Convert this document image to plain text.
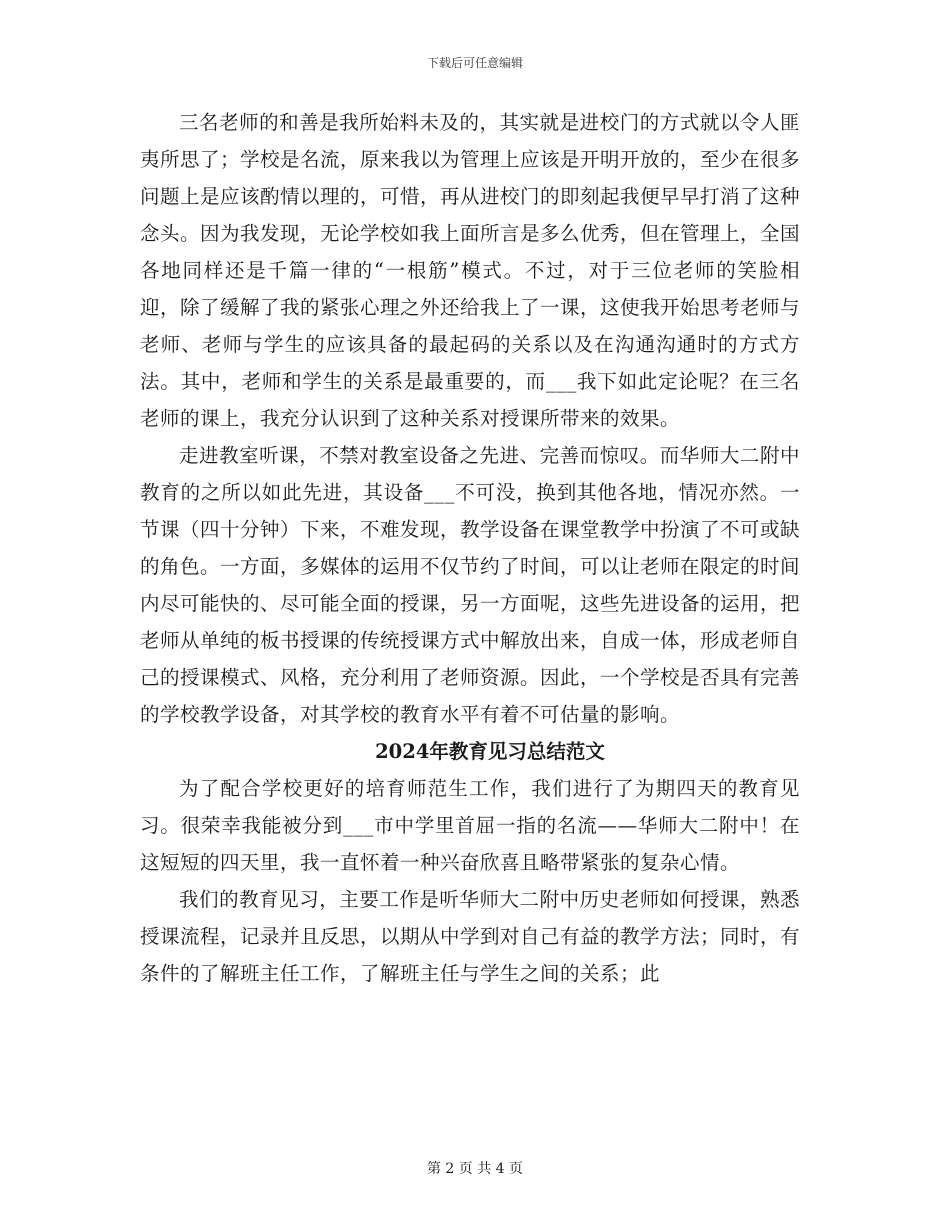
下载后可任意编辑

三名老师的和善是我所始料未及的，其实就是进校门的方式就以令人匪夷所思了；学校是名流，原来我以为管理上应该是开明开放的，至少在很多问题上是应该酌情以理的，可惜，再从进校门的即刻起我便早早打消了这种念头。因为我发现，无论学校如我上面所言是多么优秀，但在管理上，全国各地同样还是千篇一律的“一根筋”模式。不过，对于三位老师的笑脸相迎，除了缓解了我的紧张心理之外还给我上了一课，这使我开始思考老师与老师、老师与学生的应该具备的最起码的关系以及在沟通沟通时的方式方法。其中，老师和学生的关系是最重要的，而___我下如此定论呢？在三名老师的课上，我充分认识到了这种关系对授课所带来的效果。

走进教室听课，不禁对教室设备之先进、完善而惊叹。而华师大二附中教育的之所以如此先进，其设备___不可没，换到其他各地，情况亦然。一节课（四十分钟）下来，不难发现，教学设备在课堂教学中扮演了不可或缺的角色。一方面，多媒体的运用不仅节约了时间，可以让老师在限定的时间内尽可能快的、尽可能全面的授课，另一方面呢，这些先进设备的运用，把老师从单纯的板书授课的传统授课方式中解放出来，自成一体，形成老师自己的授课模式、风格，充分利用了老师资源。因此，一个学校是否具有完善的学校教学设备，对其学校的教育水平有着不可估量的影响。

2024年教育见习总结范文

为了配合学校更好的培育师范生工作，我们进行了为期四天的教育见习。很荣幸我能被分到___市中学里首屈一指的名流——华师大二附中！在这短短的四天里，我一直怀着一种兴奋欣喜且略带紧张的复杂心情。

我们的教育见习，主要工作是听华师大二附中历史老师如何授课，熟悉授课流程，记录并且反思，以期从中学到对自己有益的教学方法；同时，有条件的了解班主任工作，了解班主任与学生之间的关系；此

第 2 页 共 4 页
